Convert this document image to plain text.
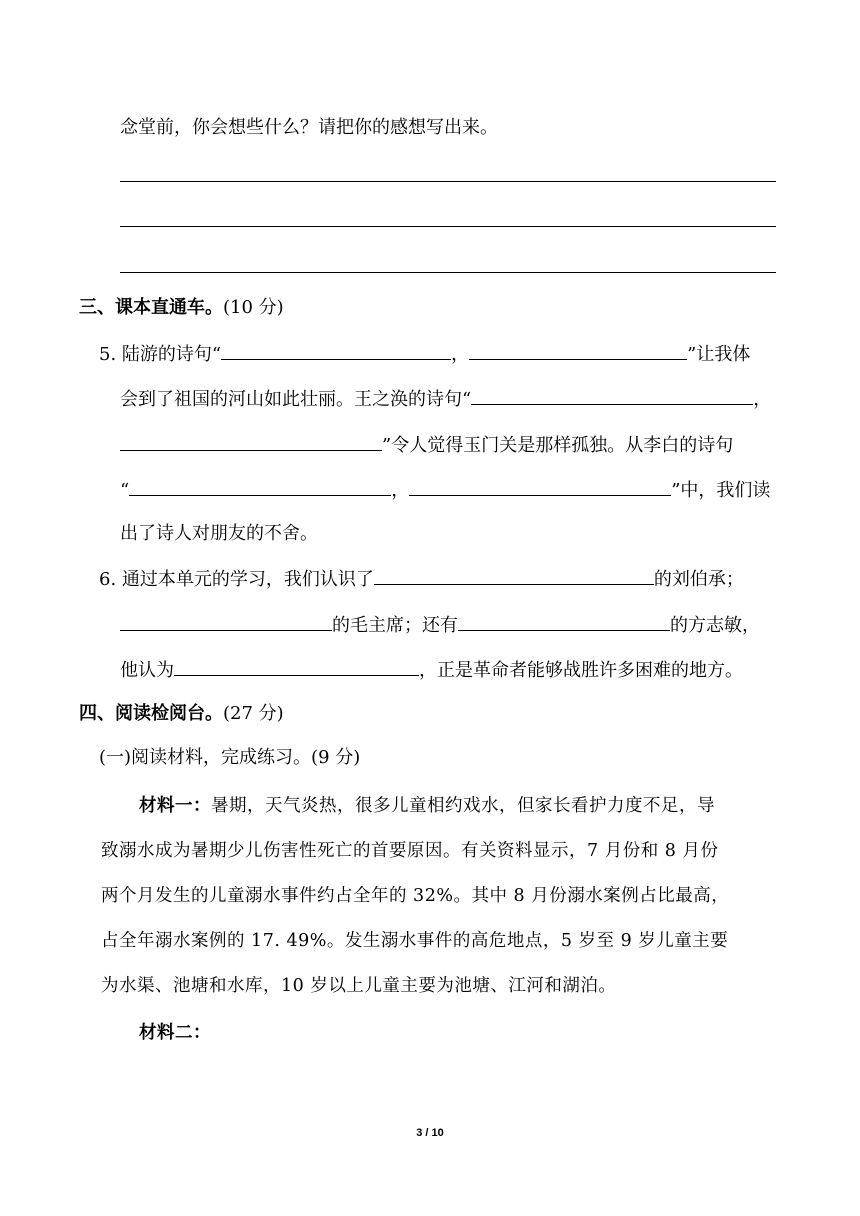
念堂前，你会想些什么？请把你的感想写出来。
三、课本直通车。(10 分)
5. 陆游的诗句“	，	”让我体
会到了祖国的河山如此壮丽。王之涣的诗句“	，
”令人觉得玉门关是那样孤独。从李白的诗句
“	，	”中，我们读
出了诗人对朋友的不舍。
6. 通过本单元的学习，我们认识了	的刘伯承；
的毛主席；还有	的方志敏，
他认为	，正是革命者能够战胜许多困难的地方。
四、阅读检阅台。(27 分)
(一)阅读材料，完成练习。(9 分)
材料一：暑期，天气炎热，很多儿童相约戏水，但家长看护力度不足，导
致溺水成为暑期少儿伤害性死亡的首要原因。有关资料显示，7 月份和 8 月份
两个月发生的儿童溺水事件约占全年的 32%。其中 8 月份溺水案例占比最高，
占全年溺水案例的 17. 49%。发生溺水事件的高危地点，5 岁至 9 岁儿童主要
为水渠、池塘和水库，10 岁以上儿童主要为池塘、江河和湖泊。
材料二：
3 / 10
